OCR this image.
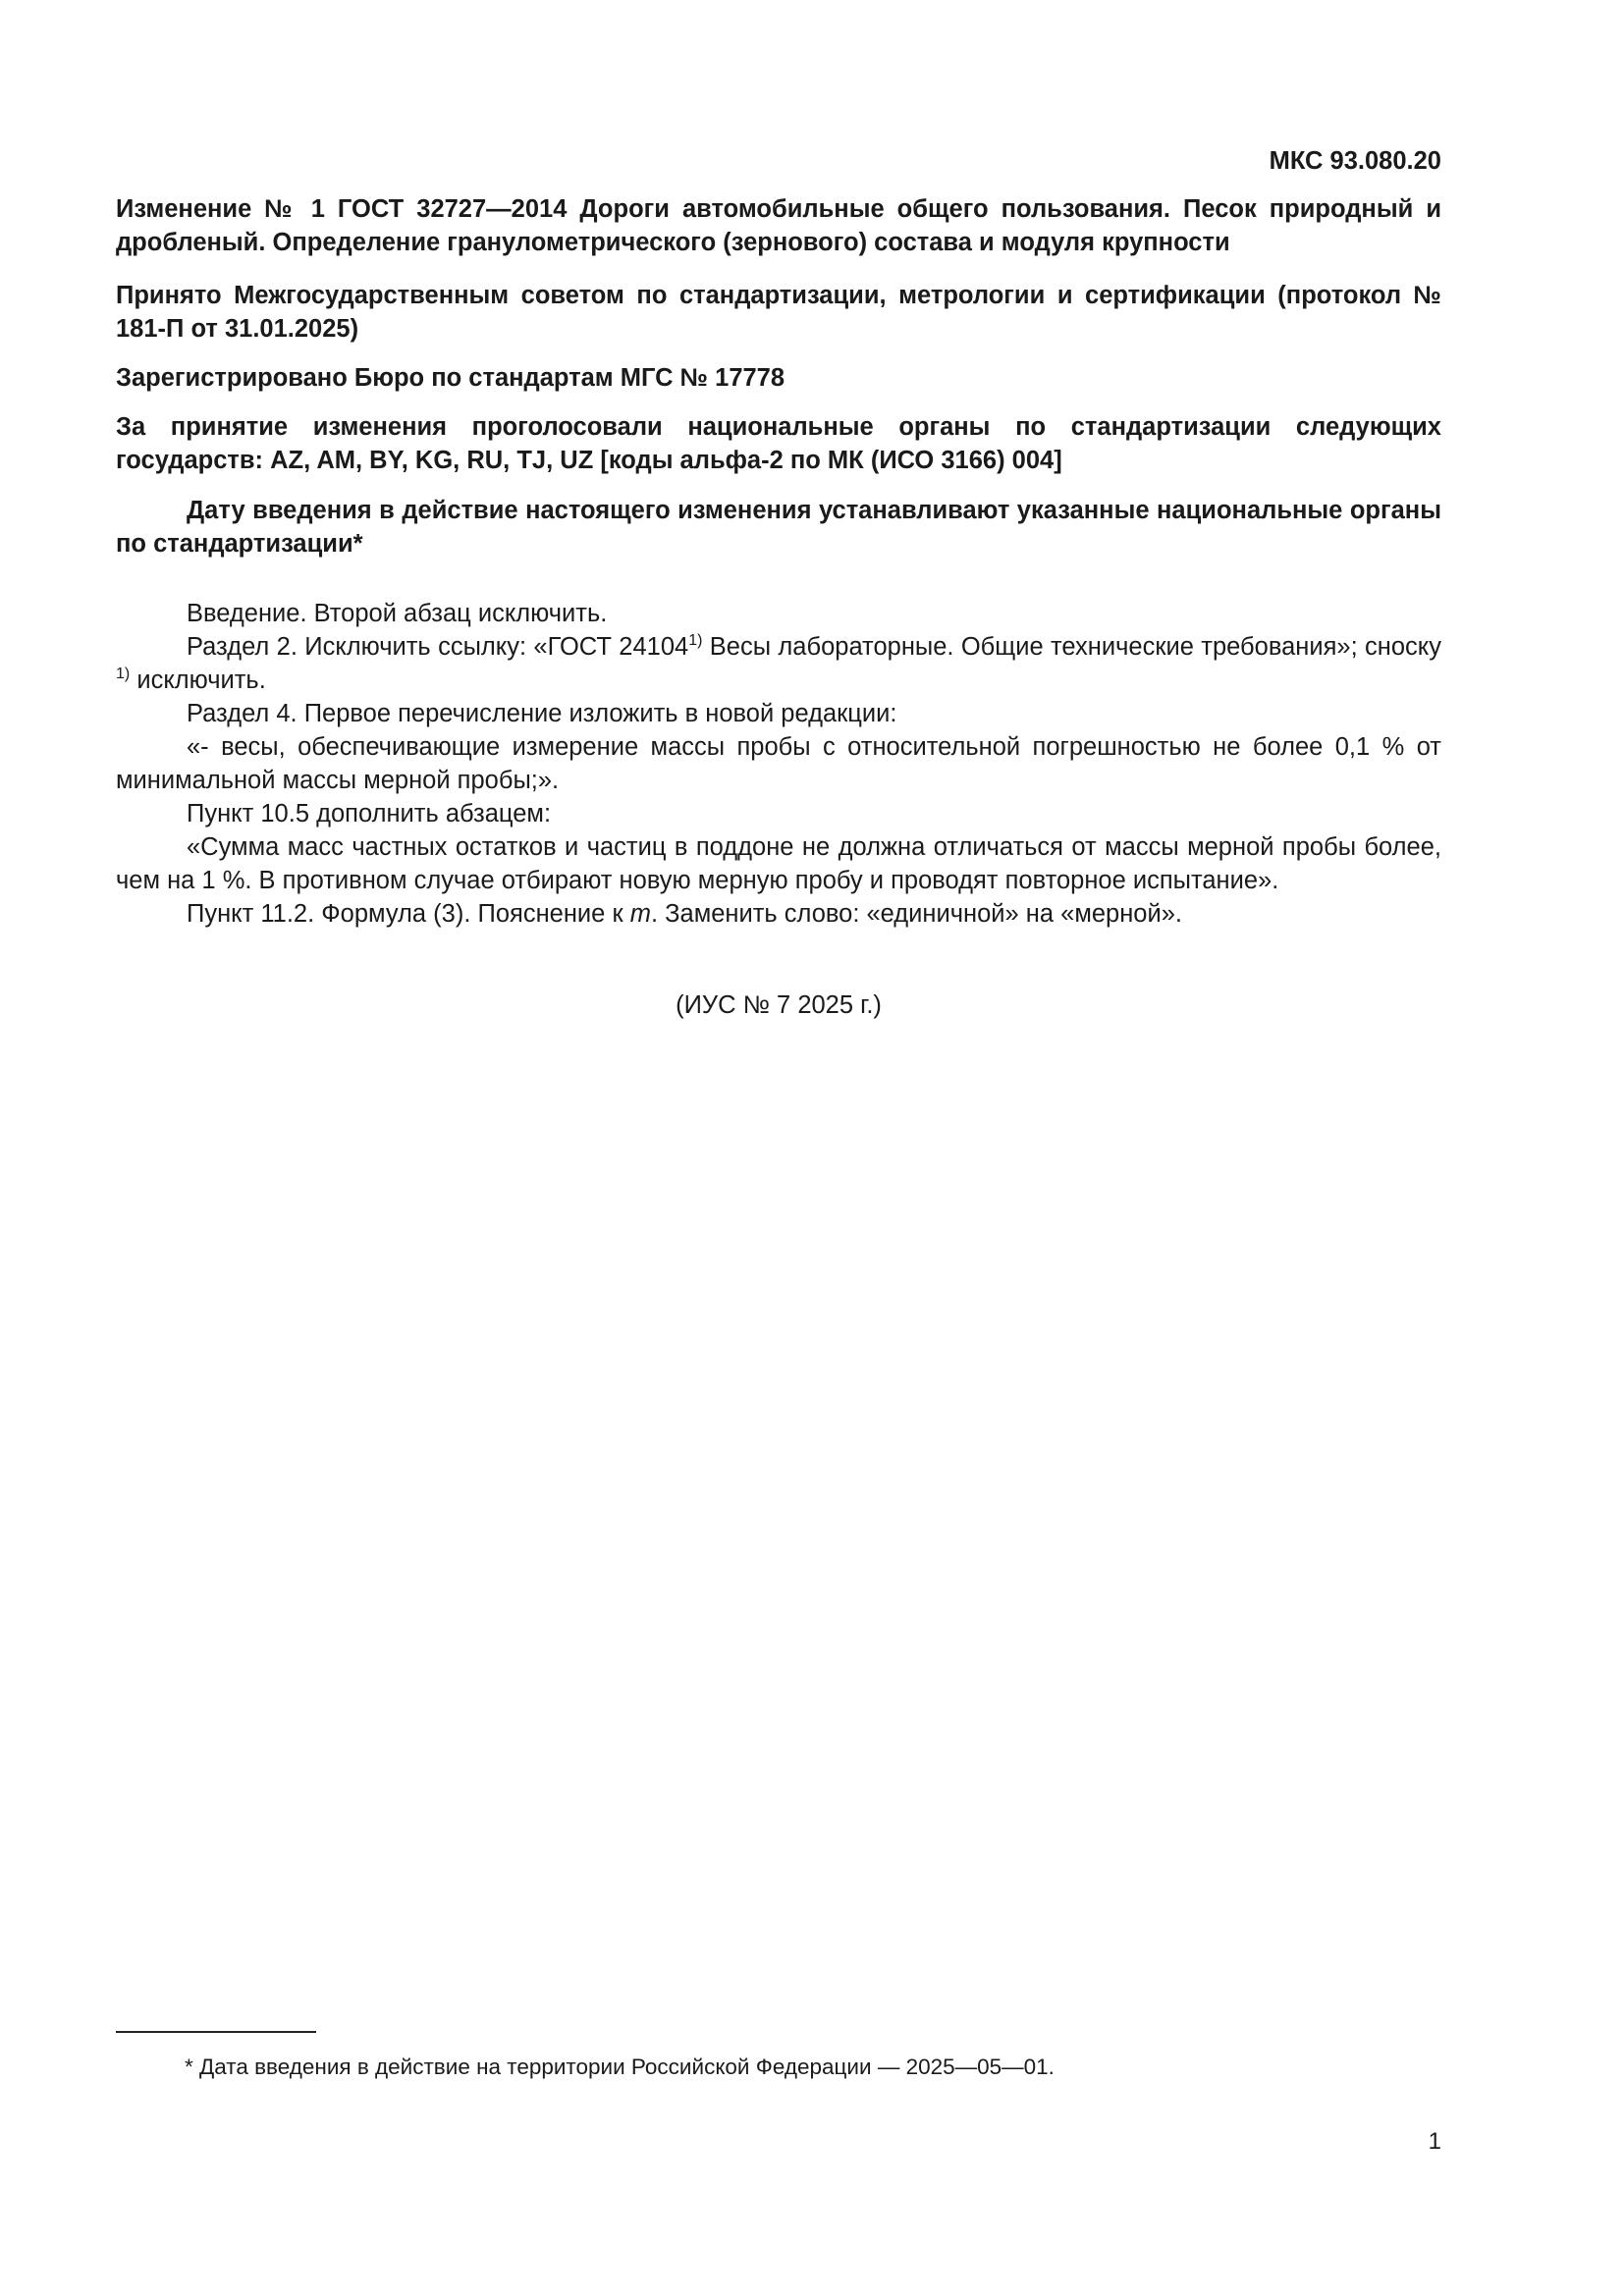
МКС 93.080.20
Изменение № 1 ГОСТ 32727—2014 Дороги автомобильные общего пользования. Песок природный и дробленый. Определение гранулометрического (зернового) состава и модуля крупности
Принято Межгосударственным советом по стандартизации, метрологии и сертификации (протокол № 181-П от 31.01.2025)
Зарегистрировано Бюро по стандартам МГС № 17778
За принятие изменения проголосовали национальные органы по стандартизации следующих государств: AZ, AM, BY, KG, RU, TJ, UZ [коды альфа-2 по МК (ИСО 3166) 004]
Дату введения в действие настоящего изменения устанавливают указанные национальные органы по стандартизации*

Введение. Второй абзац исключить.

Раздел 2. Исключить ссылку: «ГОСТ 24104$^{1)}$ Весы лабораторные. Общие технические требования»; сноску $^{1)}$ исключить.

Раздел 4. Первое перечисление изложить в новой редакции:

«- весы, обеспечивающие измерение массы пробы с относительной погрешностью не более 0,1 % от минимальной массы мерной пробы;».

Пункт 10.5 дополнить абзацем:

«Сумма масс частных остатков и частиц в поддоне не должна отличаться от массы мерной пробы более, чем на 1 %. В противном случае отбирают новую мерную пробу и проводят повторное испытание».

Пункт 11.2. Формула (3). Пояснение к m. Заменить слово: «единичной» на «мерной».

(ИУС № 7 2025 г.)
* Дата введения в действие на территории Российской Федерации — 2025—05—01.
1
